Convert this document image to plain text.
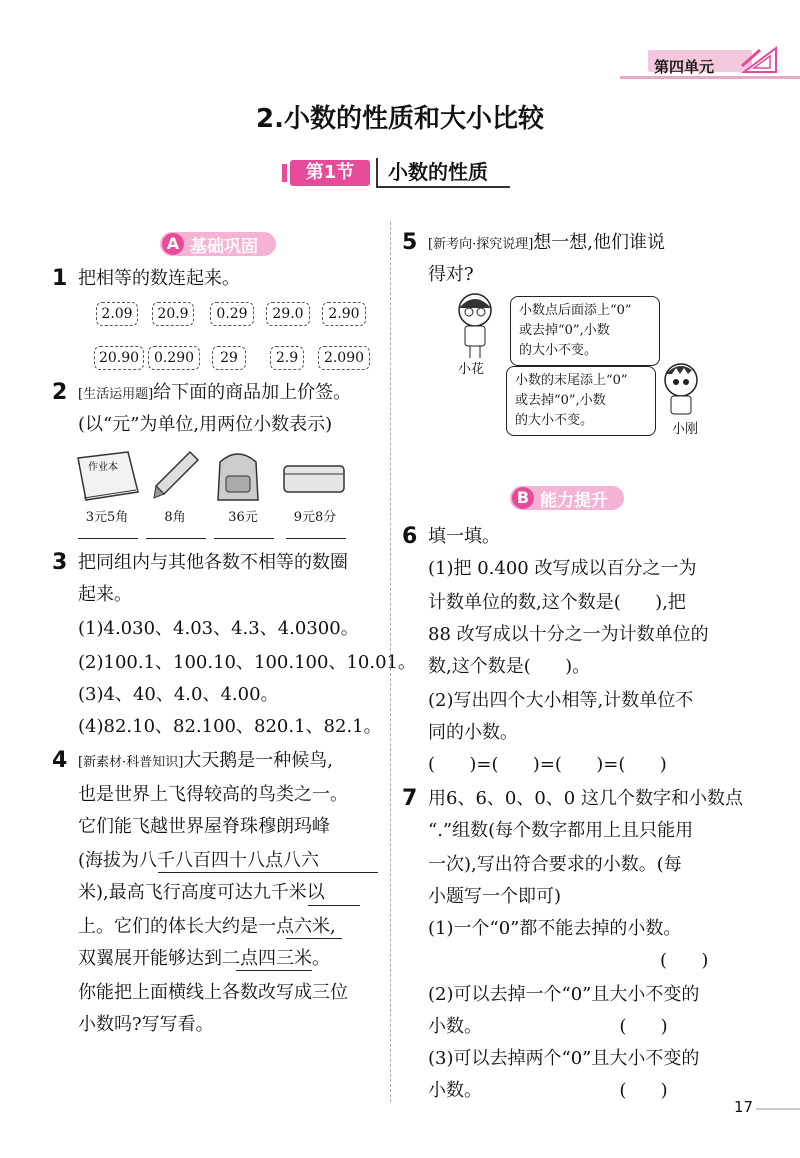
第四单元
2.小数的性质和大小比较
第1节	小数的性质
A 基础巩固
1 把相等的数连起来。
2.09	20.9	0.29	29.0	2.90
20.90	0.290	29	2.9	2.090
2 [生活运用题]给下面的商品加上价签。
(以“元”为单位,用两位小数表示)
作业本
3元5角	8角	36元	9元8分
3 把同组内与其他各数不相等的数圈
起来。
(1)4.030、4.03、4.3、4.0300。
(2)100.1、100.10、100.100、10.01。
(3)4、40、4.0、4.00。
(4)82.10、82.100、820.1、82.1。
4 [新素材·科普知识]大天鹅是一种候鸟,
也是世界上飞得较高的鸟类之一。
它们能飞越世界屋脊珠穆朗玛峰
(海拔为八千八百四十八点八六
米),最高飞行高度可达九千米以
上。它们的体长大约是一点六米,
双翼展开能够达到二点四三米。
你能把上面横线上各数改写成三位
小数吗?写写看。
5 [新考向·探究说理]想一想,他们谁说
得对?
小花
小数点后面添上“0”
或去掉“0”,小数
的大小不变。
小数的末尾添上“0”
或去掉“0”,小数
的大小不变。
小刚
B 能力提升
6 填一填。
(1)把 0.400 改写成以百分之一为
计数单位的数,这个数是(      ),把
88 改写成以十分之一为计数单位的
数,这个数是(      )。
(2)写出四个大小相等,计数单位不
同的小数。
(      )=(      )=(      )=(      )
7 用6、6、0、0、0 这几个数字和小数点
“.”组数(每个数字都用上且只能用
一次),写出符合要求的小数。(每
小题写一个即可)
(1)一个“0”都不能去掉的小数。
(      )
(2)可以去掉一个“0”且大小不变的
小数。                        (      )
(3)可以去掉两个“0”且大小不变的
小数。                        (      )
17
